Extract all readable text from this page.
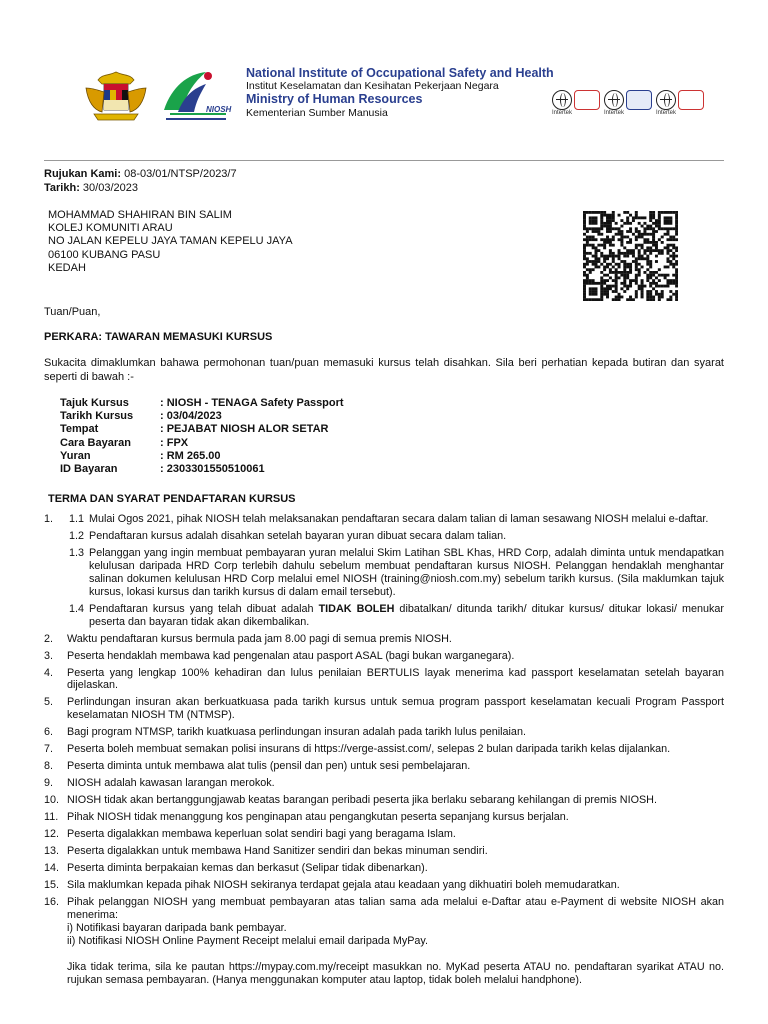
NIOSH
National Institute of Occupational Safety and Health
Institut Keselamatan dan Kesihatan Pekerjaan Negara
Ministry of Human Resources
Kementerian Sumber Manusia	Intertek	Intertek	Intertek
Rujukan Kami: 08-03/01/NTSP/2023/7
Tarikh: 30/03/2023
MOHAMMAD SHAHIRAN BIN SALIM
KOLEJ KOMUNITI ARAU
NO JALAN KEPELU JAYA TAMAN KEPELU JAYA
06100 KUBANG PASU
KEDAH
Tuan/Puan,
PERKARA: TAWARAN MEMASUKI KURSUS
Sukacita dimaklumkan bahawa permohonan tuan/puan memasuki kursus telah disahkan. Sila beri perhatian kepada butiran dan syarat seperti di bawah :-
Tajuk Kursus	: NIOSH - TENAGA Safety Passport
Tarikh Kursus	: 03/04/2023
Tempat	: PEJABAT NIOSH ALOR SETAR
Cara Bayaran	: FPX
Yuran	: RM 265.00
ID Bayaran	: 2303301550510061
TERMA DAN SYARAT PENDAFTARAN KURSUS
1. 1.1 Mulai Ogos 2021, pihak NIOSH telah melaksanakan pendaftaran secara dalam talian di laman sesawang NIOSH melalui e-daftar.
1.2 Pendaftaran kursus adalah disahkan setelah bayaran yuran dibuat secara dalam talian.
1.3 Pelanggan yang ingin membuat pembayaran yuran melalui Skim Latihan SBL Khas, HRD Corp, adalah diminta untuk mendapatkan kelulusan daripada HRD Corp terlebih dahulu sebelum membuat pendaftaran kursus NIOSH. Pelanggan hendaklah menghantar salinan dokumen kelulusan HRD Corp melalui emel NIOSH (training@niosh.com.my) sebelum tarikh kursus. (Sila maklumkan tajuk kursus, lokasi kursus dan tarikh kursus di dalam email tersebut).
1.4 Pendaftaran kursus yang telah dibuat adalah TIDAK BOLEH dibatalkan/ ditunda tarikh/ ditukar kursus/ ditukar lokasi/ menukar peserta dan bayaran tidak akan dikembalikan.
2. Waktu pendaftaran kursus bermula pada jam 8.00 pagi di semua premis NIOSH.
3. Peserta hendaklah membawa kad pengenalan atau pasport ASAL (bagi bukan warganegara).
4. Peserta yang lengkap 100% kehadiran dan lulus penilaian BERTULIS layak menerima kad passport keselamatan setelah bayaran dijelaskan.
5. Perlindungan insuran akan berkuatkuasa pada tarikh kursus untuk semua program passport keselamatan kecuali Program Passport keselamatan NIOSH TM (NTMSP).
6. Bagi program NTMSP, tarikh kuatkuasa perlindungan insuran adalah pada tarikh lulus penilaian.
7. Peserta boleh membuat semakan polisi insurans di https://verge-assist.com/, selepas 2 bulan daripada tarikh kelas dijalankan.
8. Peserta diminta untuk membawa alat tulis (pensil dan pen) untuk sesi pembelajaran.
9. NIOSH adalah kawasan larangan merokok.
10. NIOSH tidak akan bertanggungjawab keatas barangan peribadi peserta jika berlaku sebarang kehilangan di premis NIOSH.
11. Pihak NIOSH tidak menanggung kos penginapan atau pengangkutan peserta sepanjang kursus berjalan.
12. Peserta digalakkan membawa keperluan solat sendiri bagi yang beragama Islam.
13. Peserta digalakkan untuk membawa Hand Sanitizer sendiri dan bekas minuman sendiri.
14. Peserta diminta berpakaian kemas dan berkasut (Selipar tidak dibenarkan).
15. Sila maklumkan kepada pihak NIOSH sekiranya terdapat gejala atau keadaan yang dikhuatiri boleh memudaratkan.
16. Pihak pelanggan NIOSH yang membuat pembayaran atas talian sama ada melalui e-Daftar atau e-Payment di website NIOSH akan menerima:
i) Notifikasi bayaran daripada bank pembayar.
ii) Notifikasi NIOSH Online Payment Receipt melalui email daripada MyPay.
Jika tidak terima, sila ke pautan https://mypay.com.my/receipt masukkan no. MyKad peserta ATAU no. pendaftaran syarikat ATAU no. rujukan semasa pembayaran. (Hanya menggunakan komputer atau laptop, tidak boleh melalui handphone).
